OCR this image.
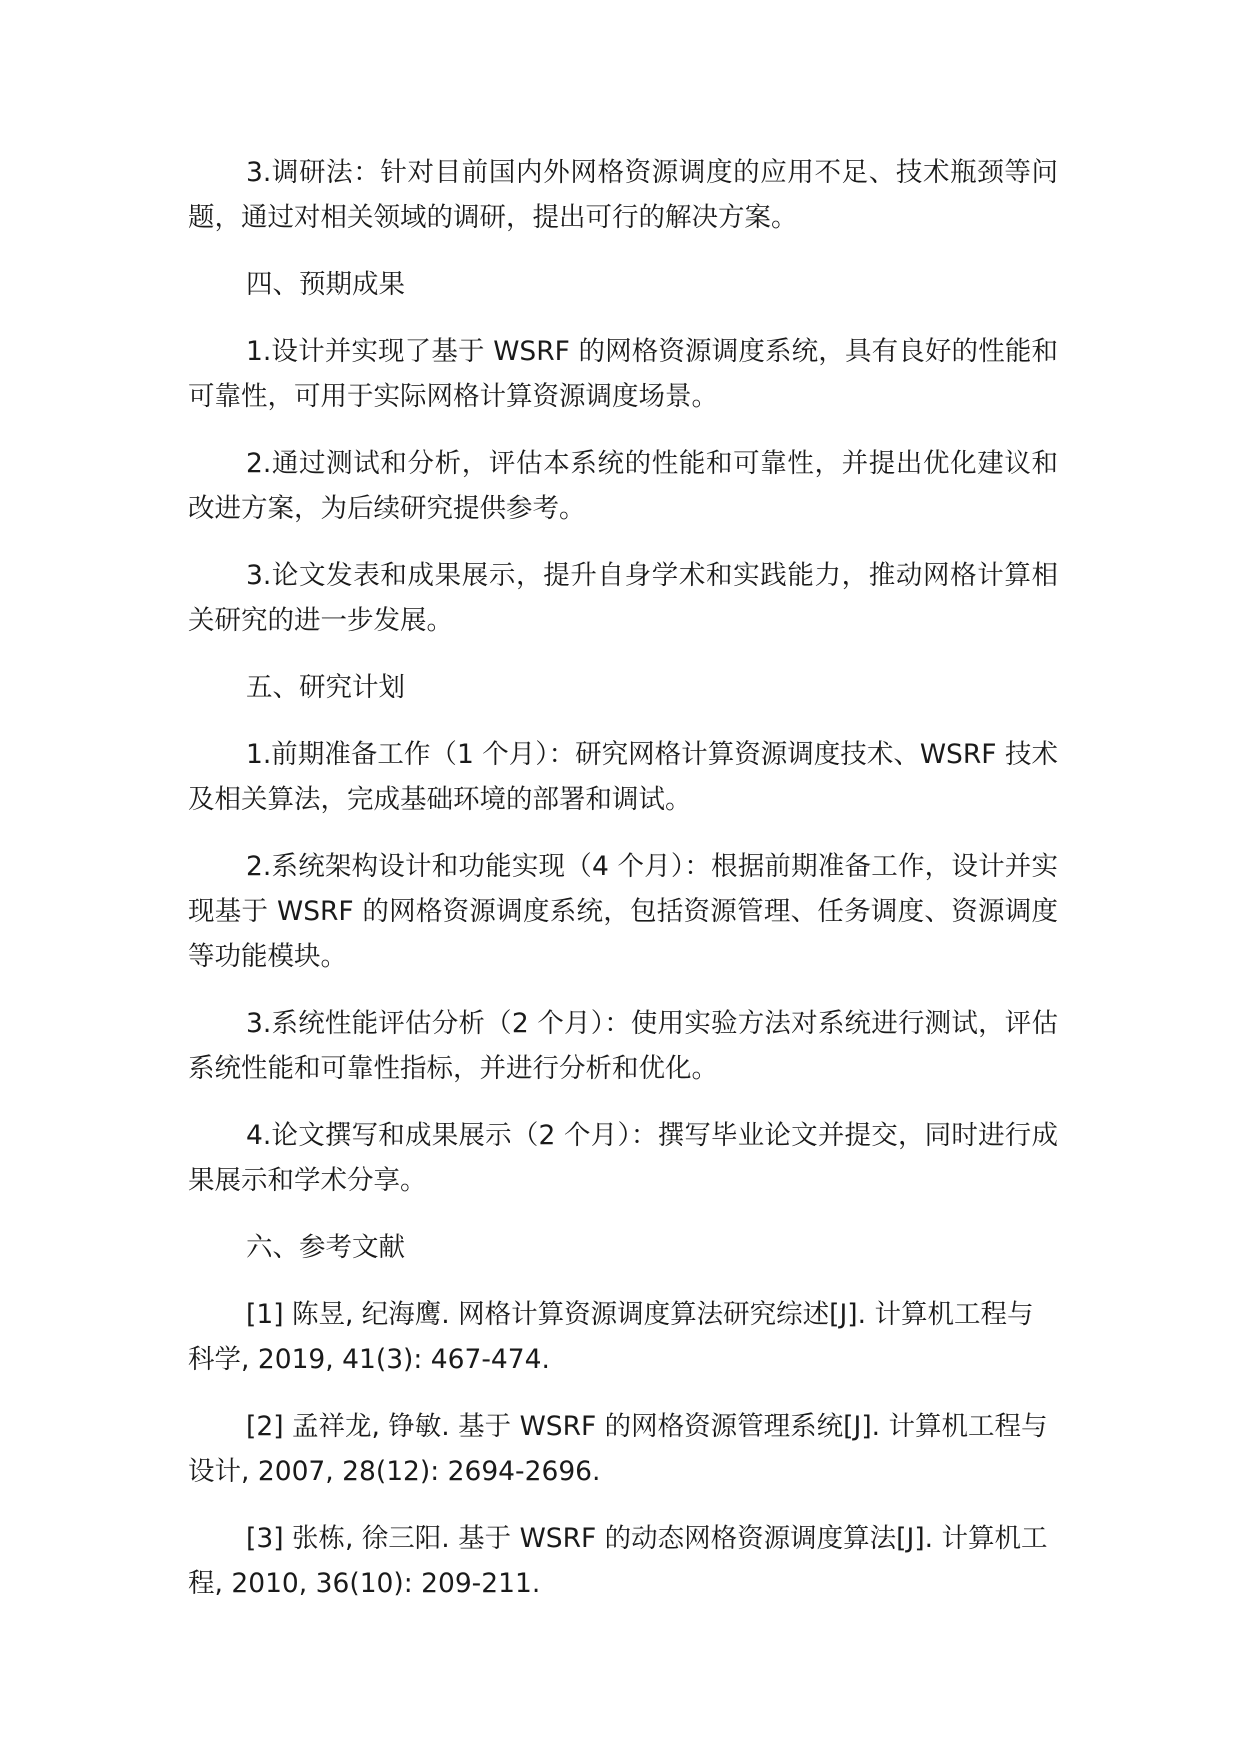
3.调研法：针对目前国内外网格资源调度的应用不足、技术瓶颈等问题，通过对相关领域的调研，提出可行的解决方案。

四、预期成果

1.设计并实现了基于 WSRF 的网格资源调度系统，具有良好的性能和可靠性，可用于实际网格计算资源调度场景。

2.通过测试和分析，评估本系统的性能和可靠性，并提出优化建议和改进方案，为后续研究提供参考。

3.论文发表和成果展示，提升自身学术和实践能力，推动网格计算相关研究的进一步发展。

五、研究计划

1.前期准备工作（1 个月）：研究网格计算资源调度技术、WSRF 技术及相关算法，完成基础环境的部署和调试。

2.系统架构设计和功能实现（4 个月）：根据前期准备工作，设计并实现基于 WSRF 的网格资源调度系统，包括资源管理、任务调度、资源调度等功能模块。

3.系统性能评估分析（2 个月）：使用实验方法对系统进行测试，评估系统性能和可靠性指标，并进行分析和优化。

4.论文撰写和成果展示（2 个月）：撰写毕业论文并提交，同时进行成果展示和学术分享。

六、参考文献

[1] 陈昱, 纪海鹰. 网格计算资源调度算法研究综述[J]. 计算机工程与科学, 2019, 41(3): 467-474.

[2] 孟祥龙, 铮敏. 基于 WSRF 的网格资源管理系统[J]. 计算机工程与设计, 2007, 28(12): 2694-2696.

[3] 张栋, 徐三阳. 基于 WSRF 的动态网格资源调度算法[J]. 计算机工程, 2010, 36(10): 209-211.
